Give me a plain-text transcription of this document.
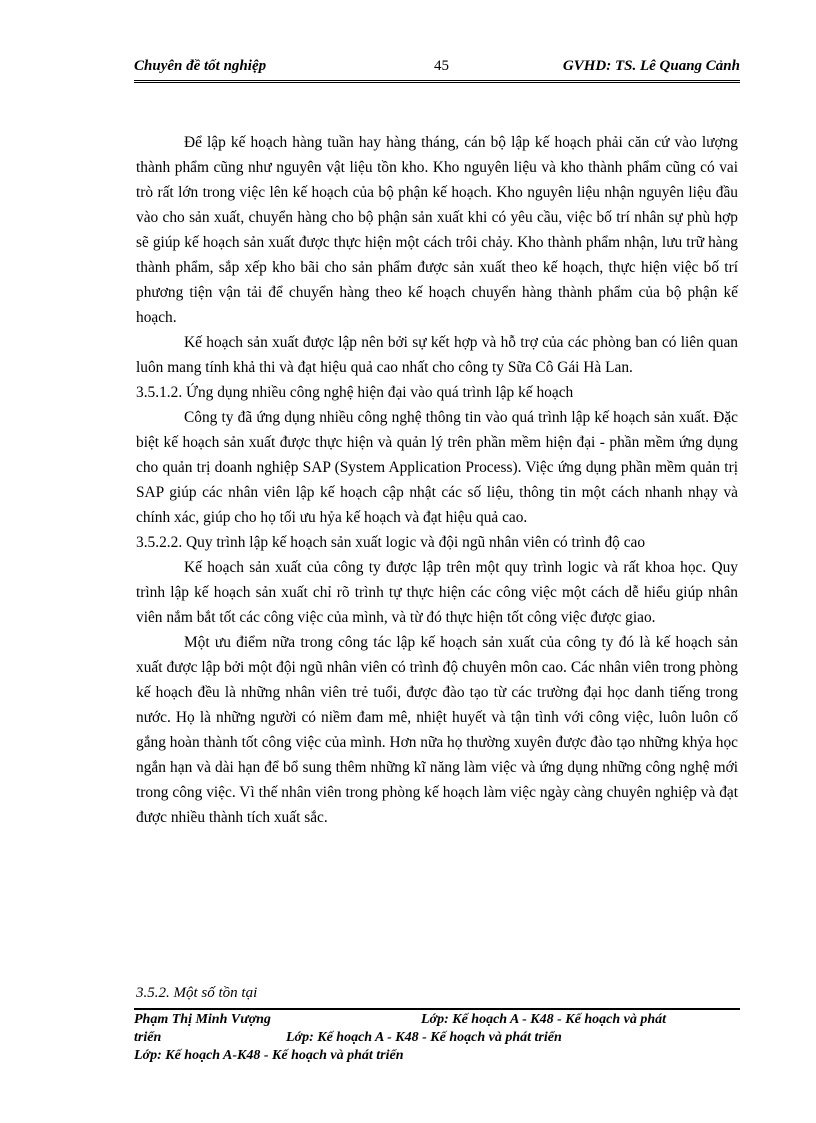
Chuyên đề tốt nghiệp	45	GVHD: TS. Lê Quang Cảnh

Để lập kế hoạch hàng tuần hay hàng tháng, cán bộ lập kế hoạch phải căn cứ vào lượng thành phẩm cũng như nguyên vật liệu tồn kho. Kho nguyên liệu và kho thành phẩm cũng có vai trò rất lớn trong việc lên kế hoạch của bộ phận kế hoạch. Kho nguyên liệu nhận nguyên liệu đầu vào cho sản xuất, chuyển hàng cho bộ phận sản xuất khi có yêu cầu, việc bố trí nhân sự phù hợp sẽ giúp kế hoạch sản xuất được thực hiện một cách trôi chảy. Kho thành phẩm nhận, lưu trữ hàng thành phẩm, sắp xếp kho bãi cho sản phẩm được sản xuất theo kế hoạch, thực hiện việc bố trí phương tiện vận tải để chuyển hàng theo kế hoạch chuyển hàng thành phẩm của bộ phận kế hoạch.

Kế hoạch sản xuất được lập nên bởi sự kết hợp và hỗ trợ của các phòng ban có liên quan luôn mang tính khả thi và đạt hiệu quả cao nhất cho công ty Sữa Cô Gái Hà Lan.

3.5.1.2. Ứng dụng nhiều công nghệ hiện đại vào quá trình lập kế hoạch

Công ty đã ứng dụng nhiều công nghệ thông tin vào quá trình lập kế hoạch sản xuất. Đặc biệt kế hoạch sản xuất được thực hiện và quản lý trên phần mềm hiện đại - phần mềm ứng dụng cho quản trị doanh nghiệp SAP (System Application Process). Việc ứng dụng phần mềm quản trị SAP giúp các nhân viên lập kế hoạch cập nhật các số liệu, thông tin một cách nhanh nhạy và chính xác, giúp cho họ tối ưu hỷa kế hoạch và đạt hiệu quả cao.

3.5.2.2. Quy trình lập kế hoạch sản xuất logic và đội ngũ nhân viên có trình độ cao

Kế hoạch sản xuất của công ty được lập trên một quy trình logic và rất khoa học. Quy trình lập kế hoạch sản xuất chỉ rõ trình tự thực hiện các công việc một cách dễ hiểu giúp nhân viên nắm bắt tốt các công việc của mình, và từ đó thực hiện tốt công việc được giao.

Một ưu điểm nữa trong công tác lập kế hoạch sản xuất của công ty đó là kế hoạch sản xuất được lập bởi một đội ngũ nhân viên có trình độ chuyên môn cao. Các nhân viên trong phòng kế hoạch đều là những nhân viên trẻ tuổi, được đào tạo từ các trường đại học danh tiếng trong nước. Họ là những người có niềm đam mê, nhiệt huyết và tận tình với công việc, luôn luôn cố gắng hoàn thành tốt công việc của mình. Hơn nữa họ thường xuyên được đào tạo những khỷa học ngắn hạn và dài hạn để bổ sung thêm những kĩ năng làm việc và ứng dụng những công nghệ mới trong công việc. Vì thế nhân viên trong phòng kế hoạch làm việc ngày càng chuyên nghiệp và đạt được nhiều thành tích xuất sắc.

3.5.2. Một số tồn tại
Phạm Thị Minh Vượng	Lớp: Kế hoạch A - K48 - Kế hoạch và phát
triển	Lớp: Kế hoạch A - K48 - Kế hoạch và phát triển
Lớp: Kế hoạch A-K48 - Kế hoạch và phát triển
